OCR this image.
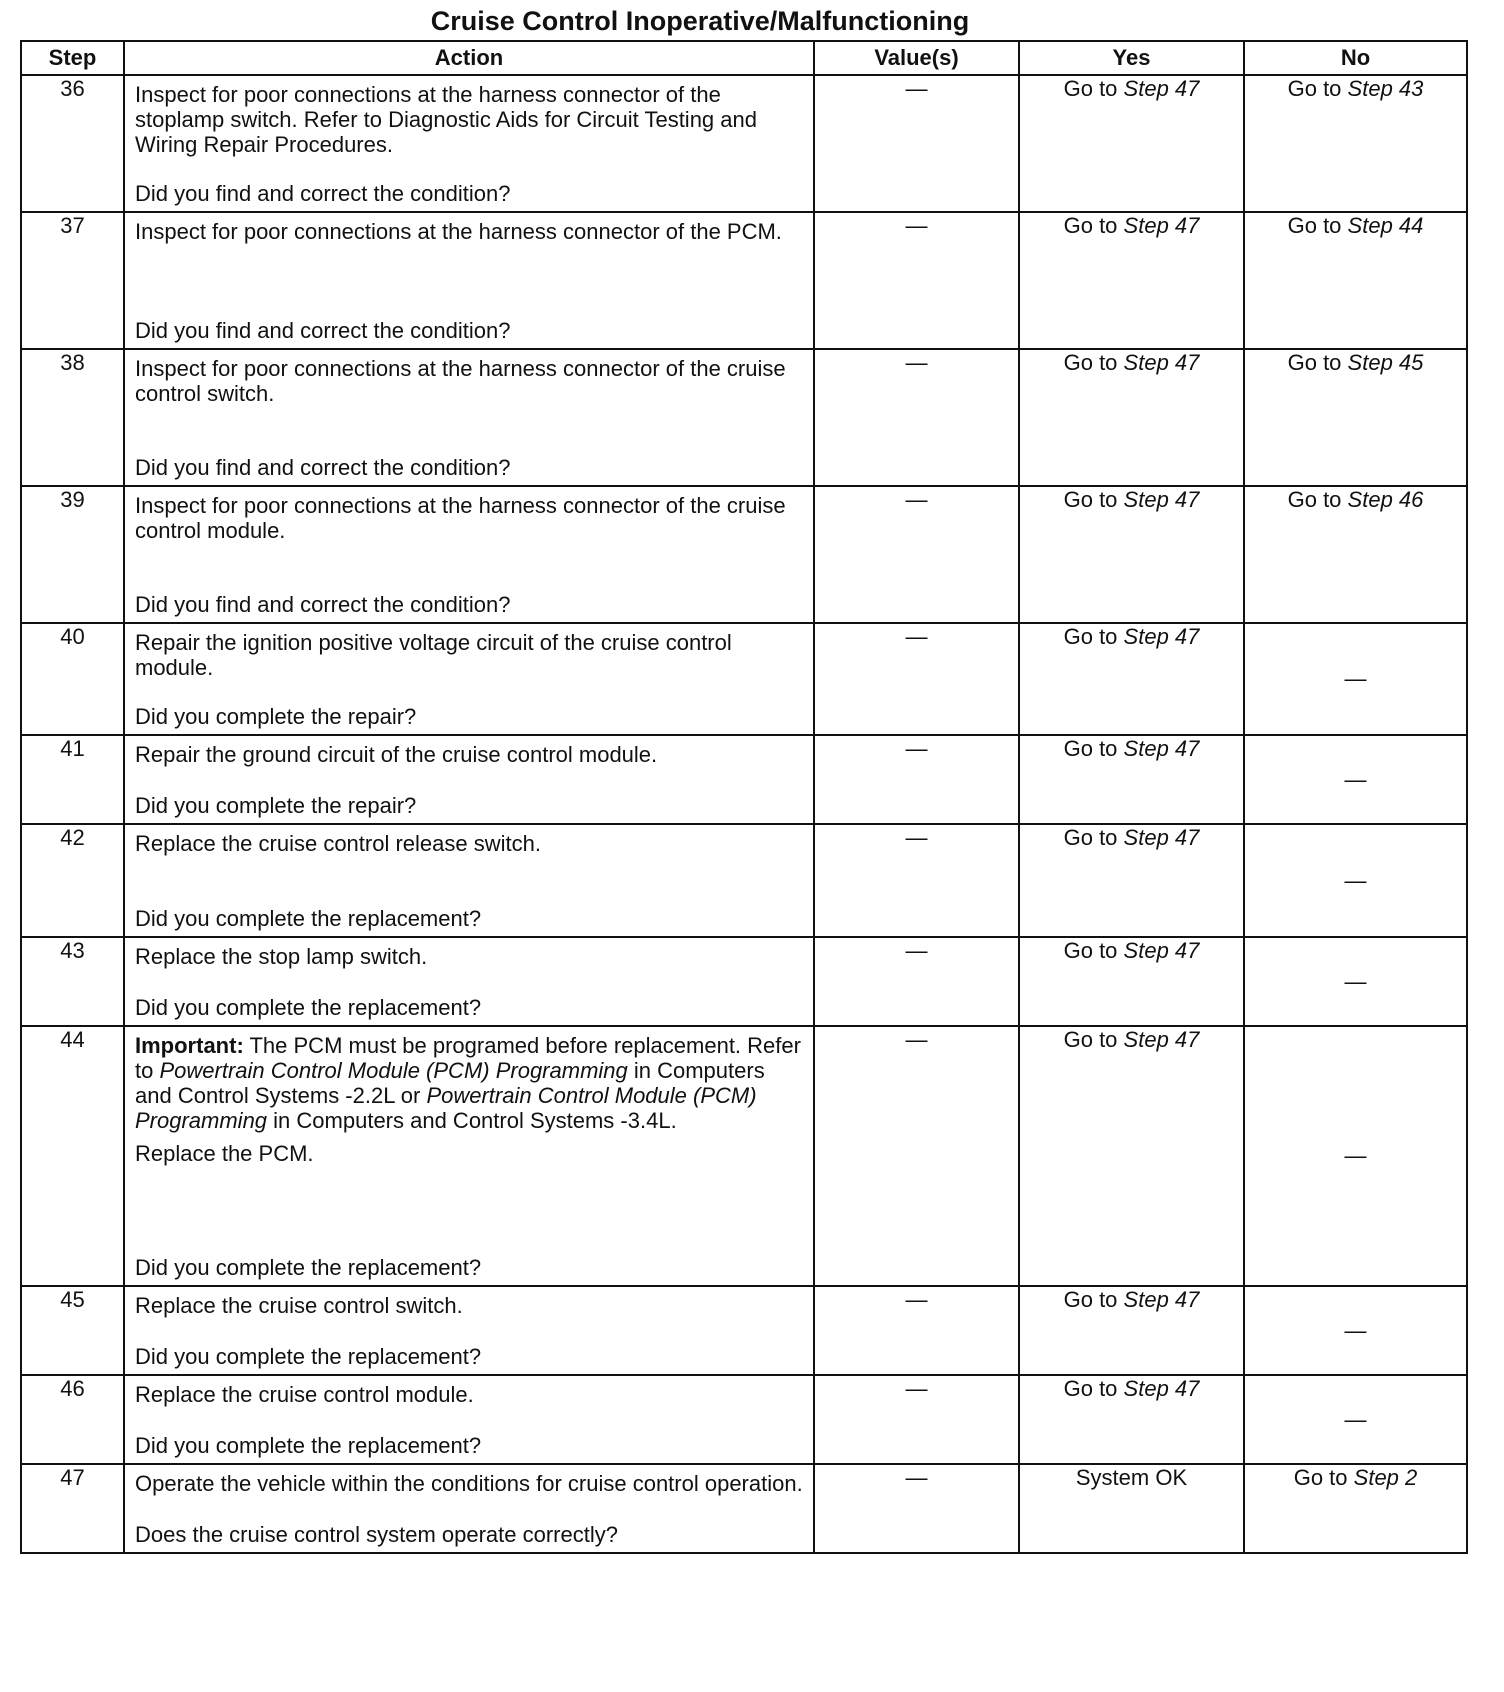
Cruise Control Inoperative/Malfunctioning
Step	Action	Value(s)	Yes	No
36	Inspect for poor connections at the harness connector of the stoplamp switch. Refer to Diagnostic Aids for Circuit Testing and Wiring Repair Procedures.

Did you find and correct the condition?	—	Go to Step 47	Go to Step 43
37	Inspect for poor connections at the harness connector of the PCM.

Did you find and correct the condition?	—	Go to Step 47	Go to Step 44
38	Inspect for poor connections at the harness connector of the cruise control switch.

Did you find and correct the condition?	—	Go to Step 47	Go to Step 45
39	Inspect for poor connections at the harness connector of the cruise control module.

Did you find and correct the condition?	—	Go to Step 47	Go to Step 46
40	Repair the ignition positive voltage circuit of the cruise control module.

Did you complete the repair?	—	Go to Step 47	—
41	Repair the ground circuit of the cruise control module.

Did you complete the repair?	—	Go to Step 47	—
42	Replace the cruise control release switch.

Did you complete the replacement?	—	Go to Step 47	—
43	Replace the stop lamp switch.

Did you complete the replacement?	—	Go to Step 47	—
44	Important: The PCM must be programed before replacement. Refer to Powertrain Control Module (PCM) Programming in Computers and Control Systems -2.2L or Powertrain Control Module (PCM) Programming in Computers and Control Systems -3.4L.

Replace the PCM.

Did you complete the replacement?	—	Go to Step 47	—
45	Replace the cruise control switch.

Did you complete the replacement?	—	Go to Step 47	—
46	Replace the cruise control module.

Did you complete the replacement?	—	Go to Step 47	—
47	Operate the vehicle within the conditions for cruise control operation.

Does the cruise control system operate correctly?	—	System OK	Go to Step 2
